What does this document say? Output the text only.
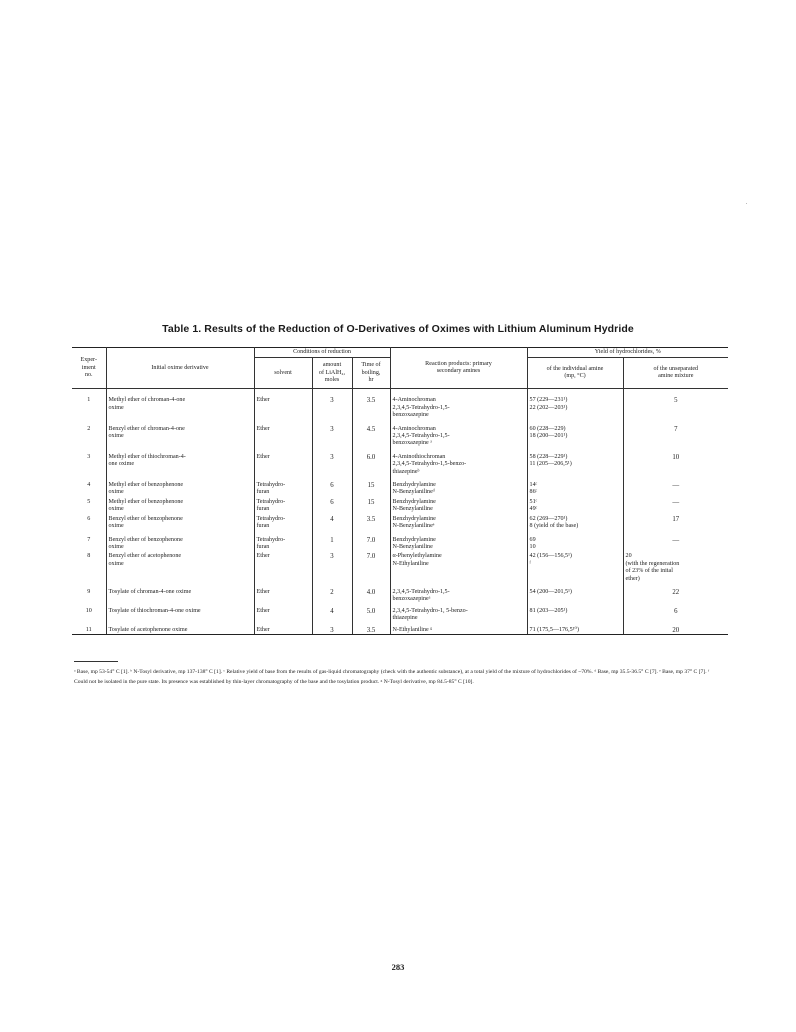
Table 1. Results of the Reduction of O-Derivatives of Oximes with Lithium Aluminum Hydride
Exper-
iment
no.	Initial oxime derivative	Conditions of reduction			Reaction products: primary
secondary amines	Yield of hydrochlorides, %	
		solvent	amount
of LiAlH₄,
moles	Time of
boiling,
hr		of the individual amine
(mp, °C)	of the unseparated
amine mixture
1	Methyl ether of chroman-4-one
oxime	Ether	3	3.5	4-Aminochroman
2,3,4,5-Tetrahydro-1,5-
benzoxazepine	57 (229—231¹)
22 (202—203¹)	5
2	Benzyl ether of chroman-4-one
oxime	Ether	3	4.5	4-Aminochroman
2,3,4,5-Tetrahydro-1,5-
benzoxazepine ᵃ	60 (228—229)
18 (200—201¹)	7
3	Methyl ether of thiochroman-4-
one oxime	Ether	3	6.0	4-Aminothiochroman
2,3,4,5-Tetrahydro-1,5-benzo-
thiazepineᵇ	58 (228—229¹)
11 (205—206,5¹)	10
4	Methyl ether of benzophenone
oxime	Tetrahydro-
furan	6	15	Benzhydrylamine
N-Benzylanilineᵈ	14ᶜ
86ᶜ	—
5	Methyl ether of benzophenone
oxime	Tetrahydro-
furan	6	15	Benzhydrylamine
N-Benzylaniline	51ᶜ
49ᶜ	—
6	Benzyl ether of benzophenone
oxime	Tetrahydro-
furan	4	3.5	Benzhydrylamine
N-Benzylanilineᵉ	62 (269—270¹)
8 (yield of the base)	17
7	Benzyl ether of benzophenone
oxime	Tetrahydro-
furan	1	7.0	Benzhydrylamine
N-Benzylaniline	69
10	—
8	Benzyl ether of acetophenone
oxime	Ether	3	7.0	α-Phenylethylamine
N-Ethylaniline	42 (156—156,5¹)
ᶠ	20
(with the regeneration
of 23% of the inital
ether)
9	Tosylate of chroman-4-one oxime	Ether	2	4.0	2,3,4,5-Tetrahydro-1,5-
benzoxazepineᵃ	54 (200—201,5¹)	22
10	Tosylate of thiochroman-4-one oxime	Ether	4	5.0	2,3,4,5-Tetrahydro-1, 5-benzo-
thiazepine	81 (203—205¹)	6
11	Tosylate of acetophenone oxime	Ether	3	3.5	N-Ethylaniline ᵍ	71 (175,5—176,5¹⁰)	20
ᵃ Base, mp 53-54° C [1]. ᵇ N-Tosyl derivative, mp 137-138° C [1]. ᶜ Relative yield of base from the results of gas-liquid chromatography (check with the authentic substance), at a total yield of the mixture of hydrochlorides of ~70%. ᵈ Base, mp 35.5-36.5° C [7]. ᵉ Base, mp 37° C [7]. ᶠ Could not be isolated in the pure state. Its presence was established by thin-layer chromatography of the base and the tosylation product. ᵍ N-Tosyl derivative, mp 84.5-85° C [10].
283
